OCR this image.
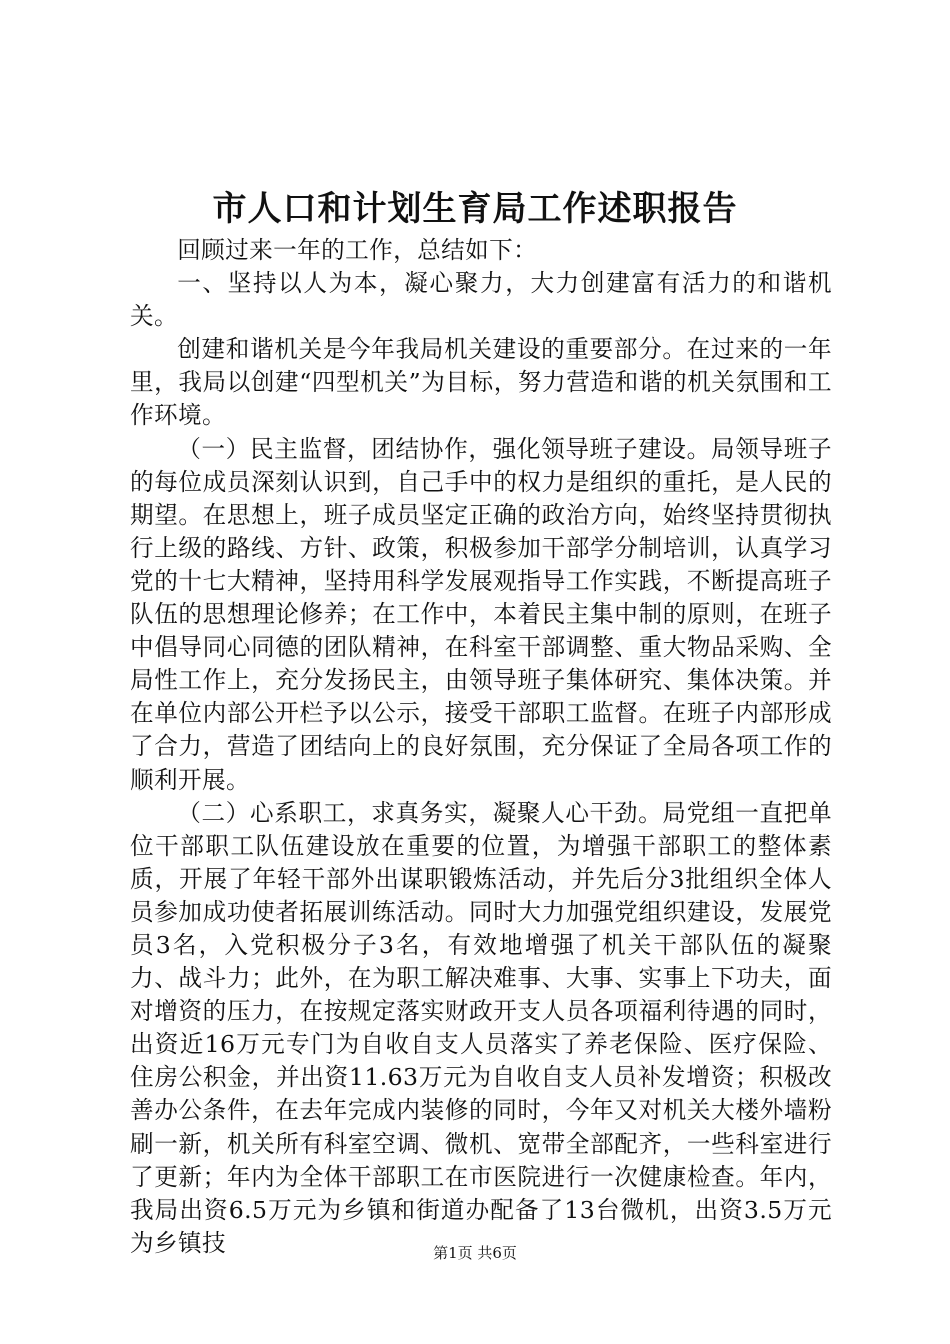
市人口和计划生育局工作述职报告

回顾过来一年的工作，总结如下：

一、坚持以人为本，凝心聚力，大力创建富有活力的和谐机关。

创建和谐机关是今年我局机关建设的重要部分。在过来的一年里，我局以创建“四型机关”为目标，努力营造和谐的机关氛围和工作环境。

（一）民主监督，团结协作，强化领导班子建设。局领导班子的每位成员深刻认识到，自己手中的权力是组织的重托，是人民的期望。在思想上，班子成员坚定正确的政治方向，始终坚持贯彻执行上级的路线、方针、政策，积极参加干部学分制培训，认真学习党的十七大精神，坚持用科学发展观指导工作实践，不断提高班子队伍的思想理论修养；在工作中，本着民主集中制的原则，在班子中倡导同心同德的团队精神，在科室干部调整、重大物品采购、全局性工作上，充分发扬民主，由领导班子集体研究、集体决策。并在单位内部公开栏予以公示，接受干部职工监督。在班子内部形成了合力，营造了团结向上的良好氛围，充分保证了全局各项工作的顺利开展。

（二）心系职工，求真务实，凝聚人心干劲。局党组一直把单位干部职工队伍建设放在重要的位置，为增强干部职工的整体素质，开展了年轻干部外出谋职锻炼活动，并先后分3批组织全体人员参加成功使者拓展训练活动。同时大力加强党组织建设，发展党员3名，入党积极分子3名，有效地增强了机关干部队伍的凝聚力、战斗力；此外，在为职工解决难事、大事、实事上下功夫，面对增资的压力，在按规定落实财政开支人员各项福利待遇的同时，出资近16万元专门为自收自支人员落实了养老保险、医疗保险、住房公积金，并出资11.63万元为自收自支人员补发增资；积极改善办公条件，在去年完成内装修的同时，今年又对机关大楼外墙粉刷一新，机关所有科室空调、微机、宽带全部配齐，一些科室进行了更新；年内为全体干部职工在市医院进行一次健康检查。年内，我局出资6.5万元为乡镇和街道办配备了13台微机，出资3.5万元为乡镇技	第1页 共6页
